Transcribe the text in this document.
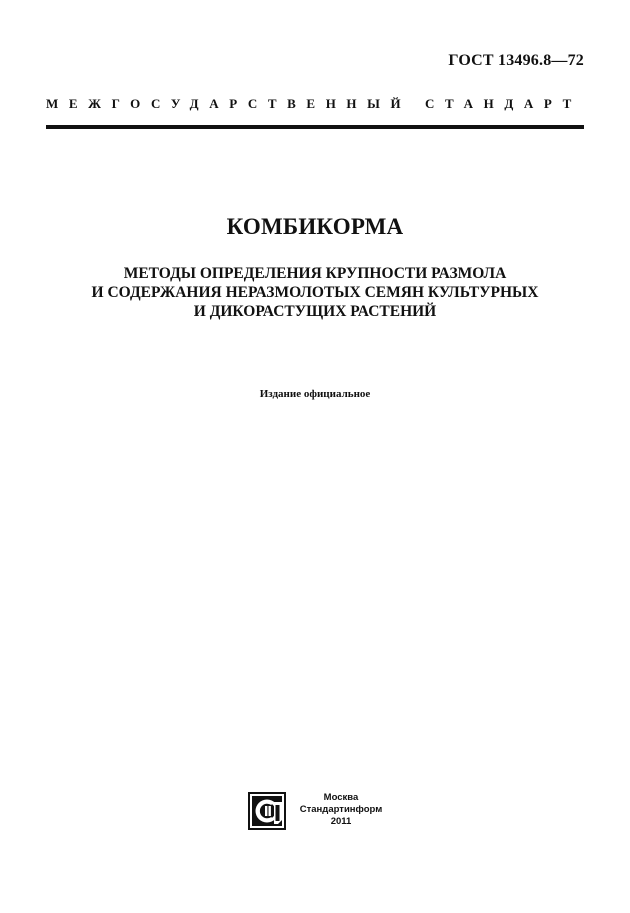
ГОСТ 13496.8—72
МЕЖГОСУДАРСТВЕННЫЙ СТАНДАРТ
КОМБИКОРМА
МЕТОДЫ ОПРЕДЕЛЕНИЯ КРУПНОСТИ РАЗМОЛА
И СОДЕРЖАНИЯ НЕРАЗМОЛОТЫХ СЕМЯН КУЛЬТУРНЫХ
И ДИКОРАСТУЩИХ РАСТЕНИЙ
Издание официальное
Москва
Стандартинформ
2011
